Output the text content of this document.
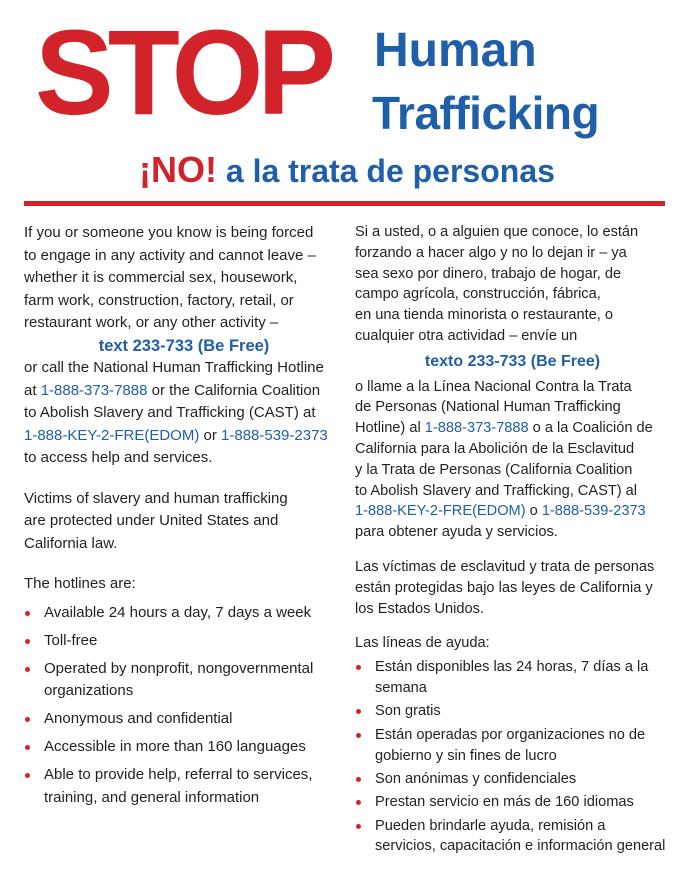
STOP Human
Trafficking
¡NO! a la trata de personas

If you or someone you know is being forced
to engage in any activity and cannot leave –
whether it is commercial sex, housework,
farm work, construction, factory, retail, or
restaurant work, or any other activity –

text 233-733 (Be Free)

or call the National Human Trafficking Hotline
at 1-888-373-7888 or the California Coalition
to Abolish Slavery and Trafficking (CAST) at
1-888-KEY-2-FRE(EDOM) or 1-888-539-2373
to access help and services.

Victims of slavery and human trafficking
are protected under United States and
California law.

The hotlines are:

Available 24 hours a day, 7 days a week
Toll-free
Operated by nonprofit, nongovernmental organizations
Anonymous and confidential
Accessible in more than 160 languages
Able to provide help, referral to services, training, and general information

Si a usted, o a alguien que conoce, lo están
forzando a hacer algo y no lo dejan ir – ya
sea sexo por dinero, trabajo de hogar, de
campo agrícola, construcción, fábrica,
en una tienda minorista o restaurante, o
cualquier otra actividad – envíe un

texto 233-733 (Be Free)

o llame a la Línea Nacional Contra la Trata
de Personas (National Human Trafficking
Hotline) al 1-888-373-7888 o a la Coalición de
California para la Abolición de la Esclavitud
y la Trata de Personas (California Coalition
to Abolish Slavery and Trafficking, CAST) al
1-888-KEY-2-FRE(EDOM) o 1-888-539-2373
para obtener ayuda y servicios.

Las víctimas de esclavitud y trata de personas
están protegidas bajo las leyes de California y
los Estados Unidos.

Las líneas de ayuda:

Están disponibles las 24 horas, 7 días a la semana
Son gratis
Están operadas por organizaciones no de gobierno y sin fines de lucro
Son anónimas y confidenciales
Prestan servicio en más de 160 idiomas
Pueden brindarle ayuda, remisión a servicios, capacitación e información general
